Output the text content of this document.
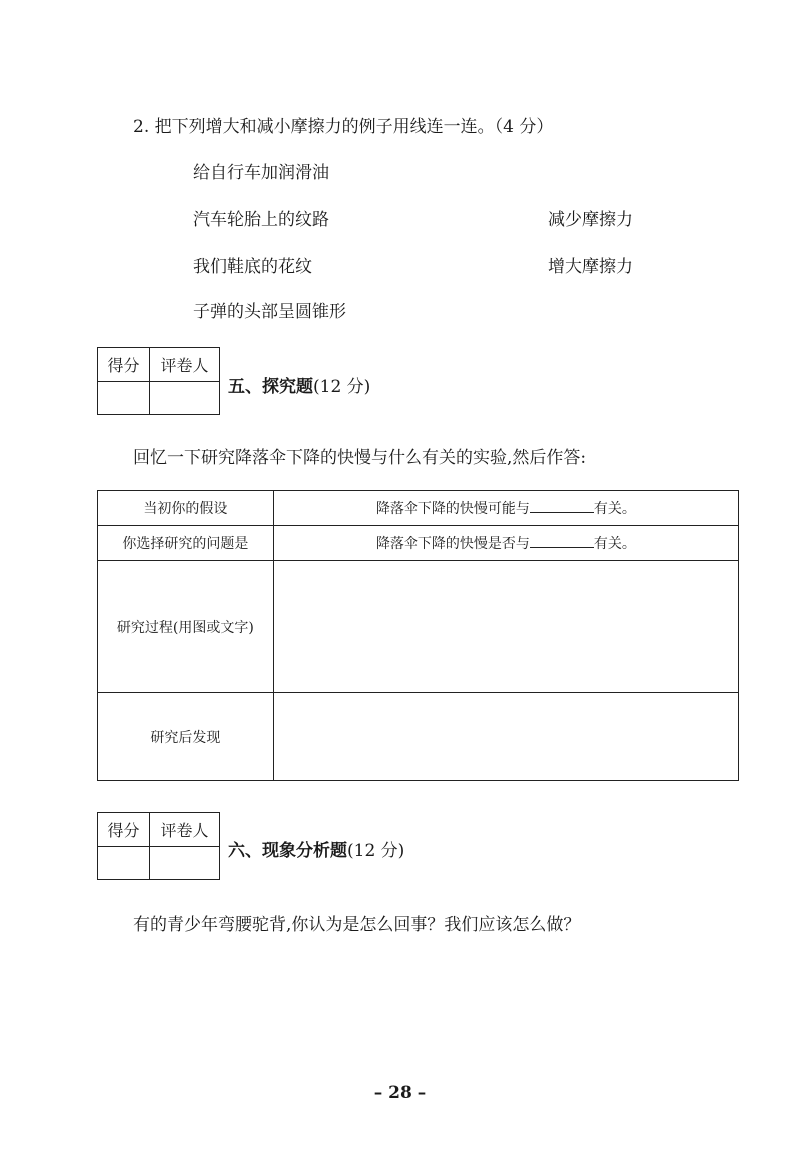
2. 把下列增大和减小摩擦力的例子用线连一连。（4 分）
给自行车加润滑油
汽车轮胎上的纹路
我们鞋底的花纹
子弹的头部呈圆锥形
减少摩擦力
增大摩擦力
得分	评卷人
五、探究题(12 分)
回忆一下研究降落伞下降的快慢与什么有关的实验,然后作答:
当初你的假设	降落伞下降的快慢可能与 有关。
你选择研究的问题是	降落伞下降的快慢是否与 有关。
研究过程(用图或文字)	
研究后发现	
得分	评卷人
六、现象分析题(12 分)
有的青少年弯腰驼背,你认为是怎么回事？我们应该怎么做？
– 28 –
